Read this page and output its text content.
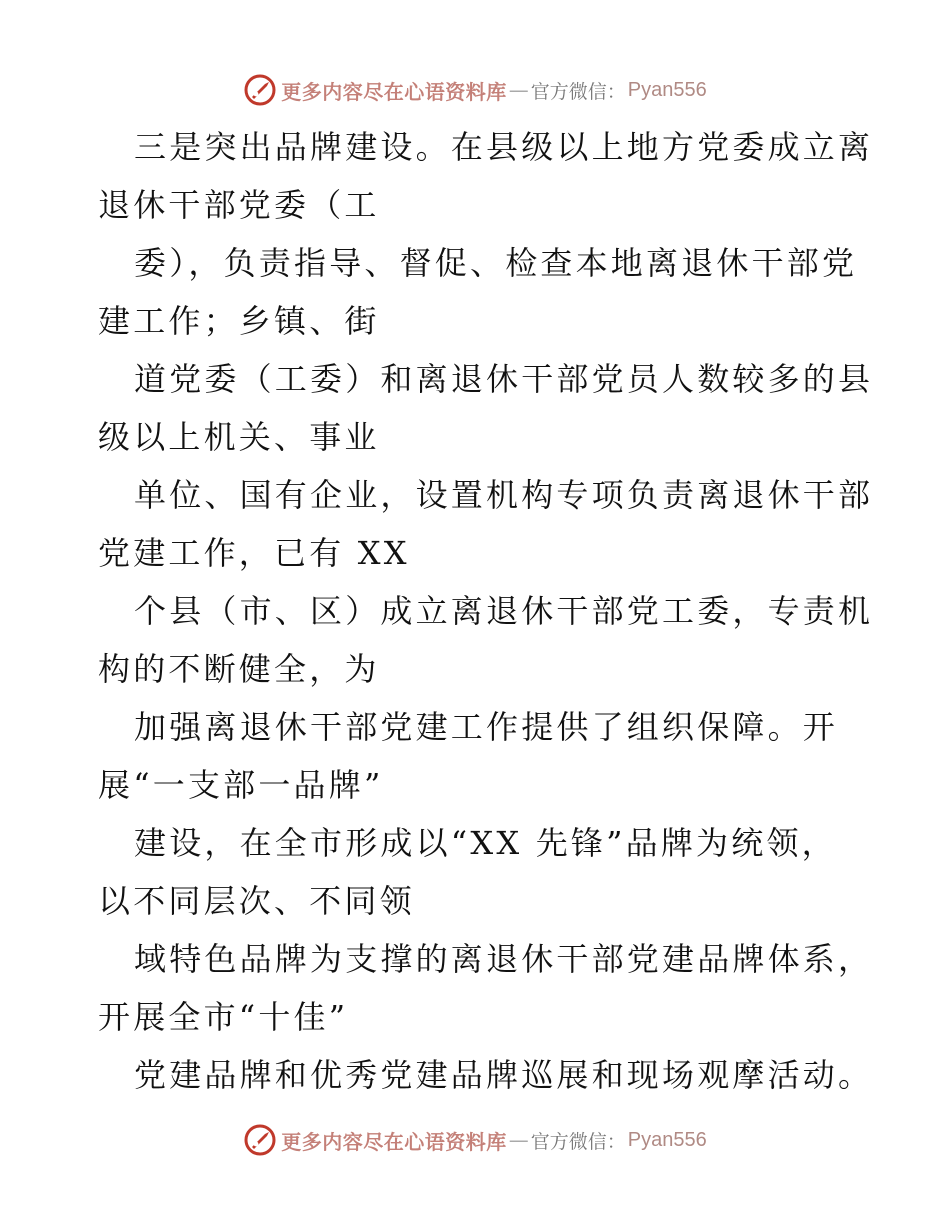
更多内容尽在心语资料库 — 官方微信： Pyan556
三是突出品牌建设。在县级以上地方党委成立离
退休干部党委（工
委），负责指导、督促、检查本地离退休干部党
建工作；乡镇、街
道党委（工委）和离退休干部党员人数较多的县
级以上机关、事业
单位、国有企业，设置机构专项负责离退休干部
党建工作，已有 XX
个县（市、区）成立离退休干部党工委，专责机
构的不断健全，为
加强离退休干部党建工作提供了组织保障。开
展“一支部一品牌”
建设，在全市形成以“XX 先锋”品牌为统领，
以不同层次、不同领
域特色品牌为支撑的离退休干部党建品牌体系，
开展全市“十佳”
党建品牌和优秀党建品牌巡展和现场观摩活动。
更多内容尽在心语资料库 — 官方微信： Pyan556
